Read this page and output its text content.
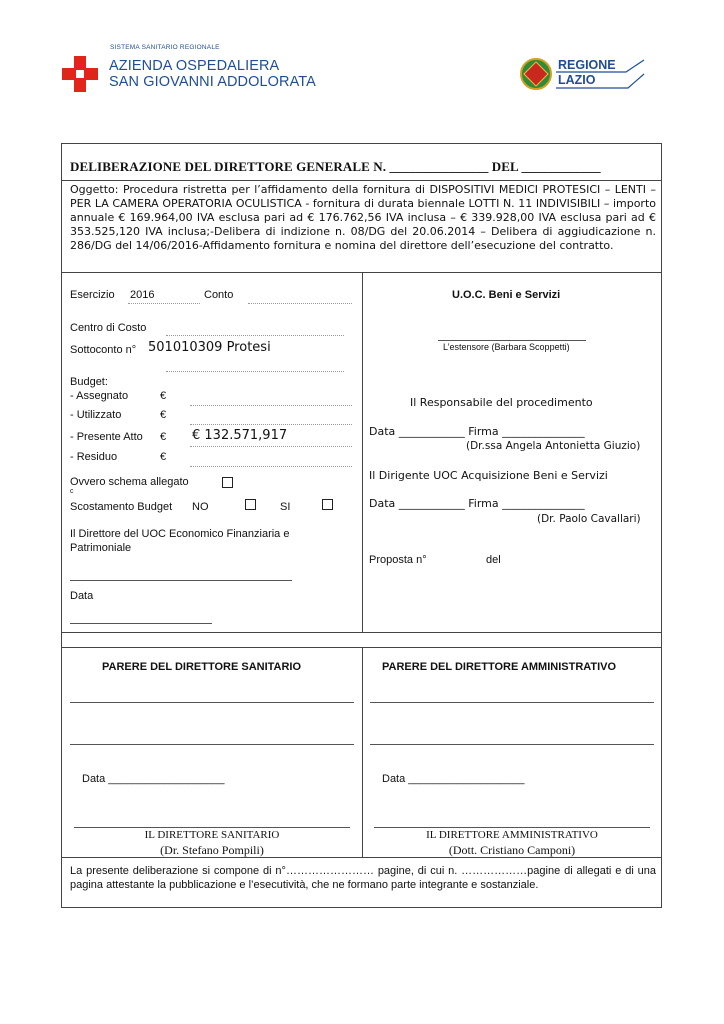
SISTEMA SANITARIO REGIONALE
AZIENDA OSPEDALIERA
SAN GIOVANNI ADDOLORATA
REGIONE
LAZIO
DELIBERAZIONE DEL DIRETTORE GENERALE N. _______________ DEL ____________
Oggetto: Procedura ristretta per l’affidamento della fornitura di DISPOSITIVI MEDICI PROTESICI – LENTI – PER LA CAMERA OPERATORIA OCULISTICA - fornitura di durata biennale LOTTI N. 11 INDIVISIBILI – importo annuale € 169.964,00 IVA esclusa pari ad € 176.762,56 IVA inclusa – € 339.928,00 IVA esclusa pari ad € 353.525,120 IVA inclusa;-Delibera di indizione n. 08/DG del 20.06.2014 – Delibera di aggiudicazione n. 286/DG del 14/06/2016-Affidamento fornitura e nomina del direttore dell’esecuzione del contratto.
Esercizio 2016	Conto
Centro di Costo
Sottoconto n° 501010309 Protesi
Budget:
- Assegnato	€
- Utilizzato	€
- Presente Atto € € 132.571,917
- Residuo	€
Ovvero schema allegato
c
Scostamento Budget NO	SI
Il Direttore del UOC Economico Finanziaria e Patrimoniale
Data
U.O.C. Beni e Servizi
L’estensore (Barbara Scoppetti)
Il Responsabile del procedimento
Data ____________ Firma _______________
(Dr.ssa Angela Antonietta Giuzio)
Il Dirigente UOC Acquisizione Beni e Servizi
Data ____________ Firma _______________
(Dr. Paolo Cavallari)
Proposta n°	del
PARERE DEL DIRETTORE SANITARIO	PARERE DEL DIRETTORE AMMINISTRATIVO
Data ___________________	Data ___________________
IL DIRETTORE SANITARIO
(Dr. Stefano Pompili)
IL DIRETTORE AMMINISTRATIVO
(Dott. Cristiano Camponi)
La presente deliberazione si compone di n°…………………… pagine, di cui n. ………………pagine di allegati e di una pagina attestante la pubblicazione e l’esecutività, che ne formano parte integrante e sostanziale.
